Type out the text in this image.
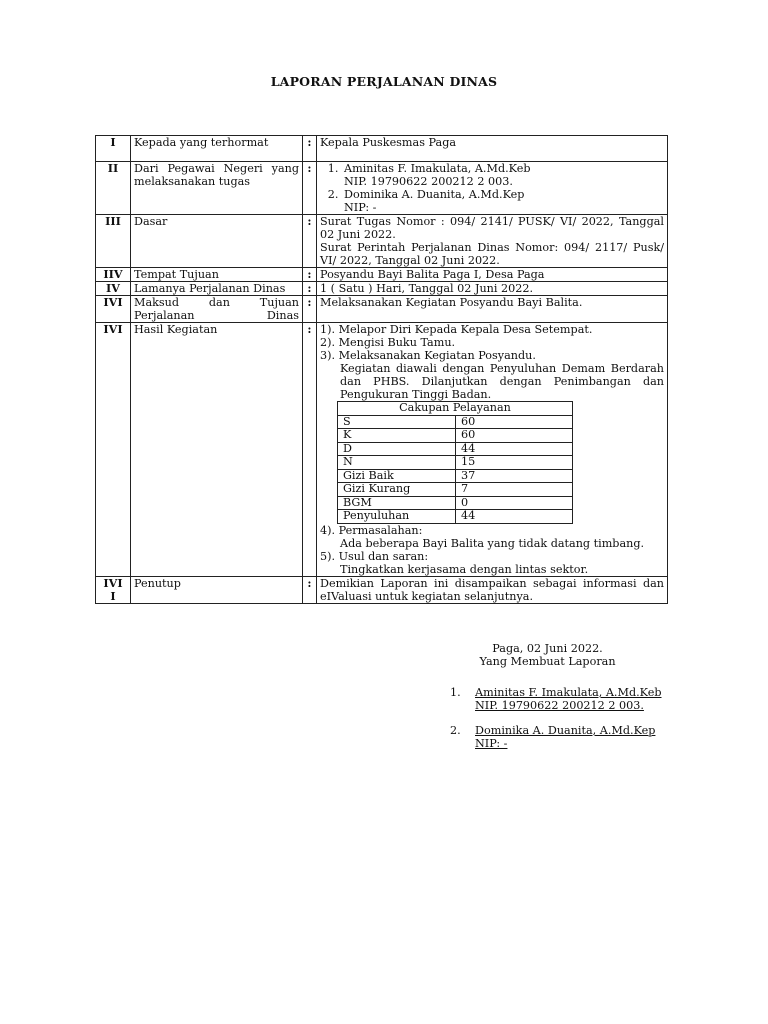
LAPORAN PERJALANAN DINAS
I	Kepada yang terhormat	:	Kepala Puskesmas Paga
II	Dari Pegawai Negeri yang melaksanakan tugas	:	
1.Aminitas F. Imakulata, A.Md.Keb
NIP. 19790622 200212 2 003.
2. Dominika A. Duanita, A.Md.Kep
NIP: -

III	Dasar	:	Surat Tugas Nomor : 094/ 2141/ PUSK/ VI/ 2022, Tanggal 02 Juni 2022.
Surat Perintah Perjalanan Dinas Nomor: 094/ 2117/ Pusk/ VI/ 2022, Tanggal 02 Juni 2022.

IIV	Tempat Tujuan	:	Posyandu Bayi Balita Paga I, Desa Paga
IV	Lamanya Perjalanan Dinas	:	1 ( Satu ) Hari, Tanggal 02 Juni 2022.
IVI	Maksud dan Tujuan Perjalanan Dinas	:	Melaksanakan Kegiatan Posyandu Bayi Balita.
IVI	Hasil Kegiatan	:	1). Melapor Diri Kepada Kepala Desa Setempat.
2). Mengisi Buku Tamu.
3). Melaksanakan Kegiatan Posyandu.
Kegiatan diawali dengan Penyuluhan Demam Berdarah dan PHBS. Dilanjutkan dengan Penimbangan dan Pengukuran Tinggi Badan.
Cakupan Pelayanan
S	60
K	60
D	44
N	15
Gizi Baik	37
Gizi Kurang	7
BGM	0
Penyuluhan	44
4). Permasalahan:
Ada beberapa Bayi Balita yang tidak datang timbang.
5). Usul dan saran:
Tingkatkan kerjasama dengan lintas sektor.

IVI I	Penutup	:	Demikian Laporan ini disampaikan sebagai informasi dan eIValuasi untuk kegiatan selanjutnya.
Paga, 02 Juni 2022.
Yang Membuat Laporan
1.	Aminitas F. Imakulata, A.Md.Keb
NIP. 19790622 200212 2 003.
2.	Dominika A. Duanita, A.Md.Kep
NIP: -
